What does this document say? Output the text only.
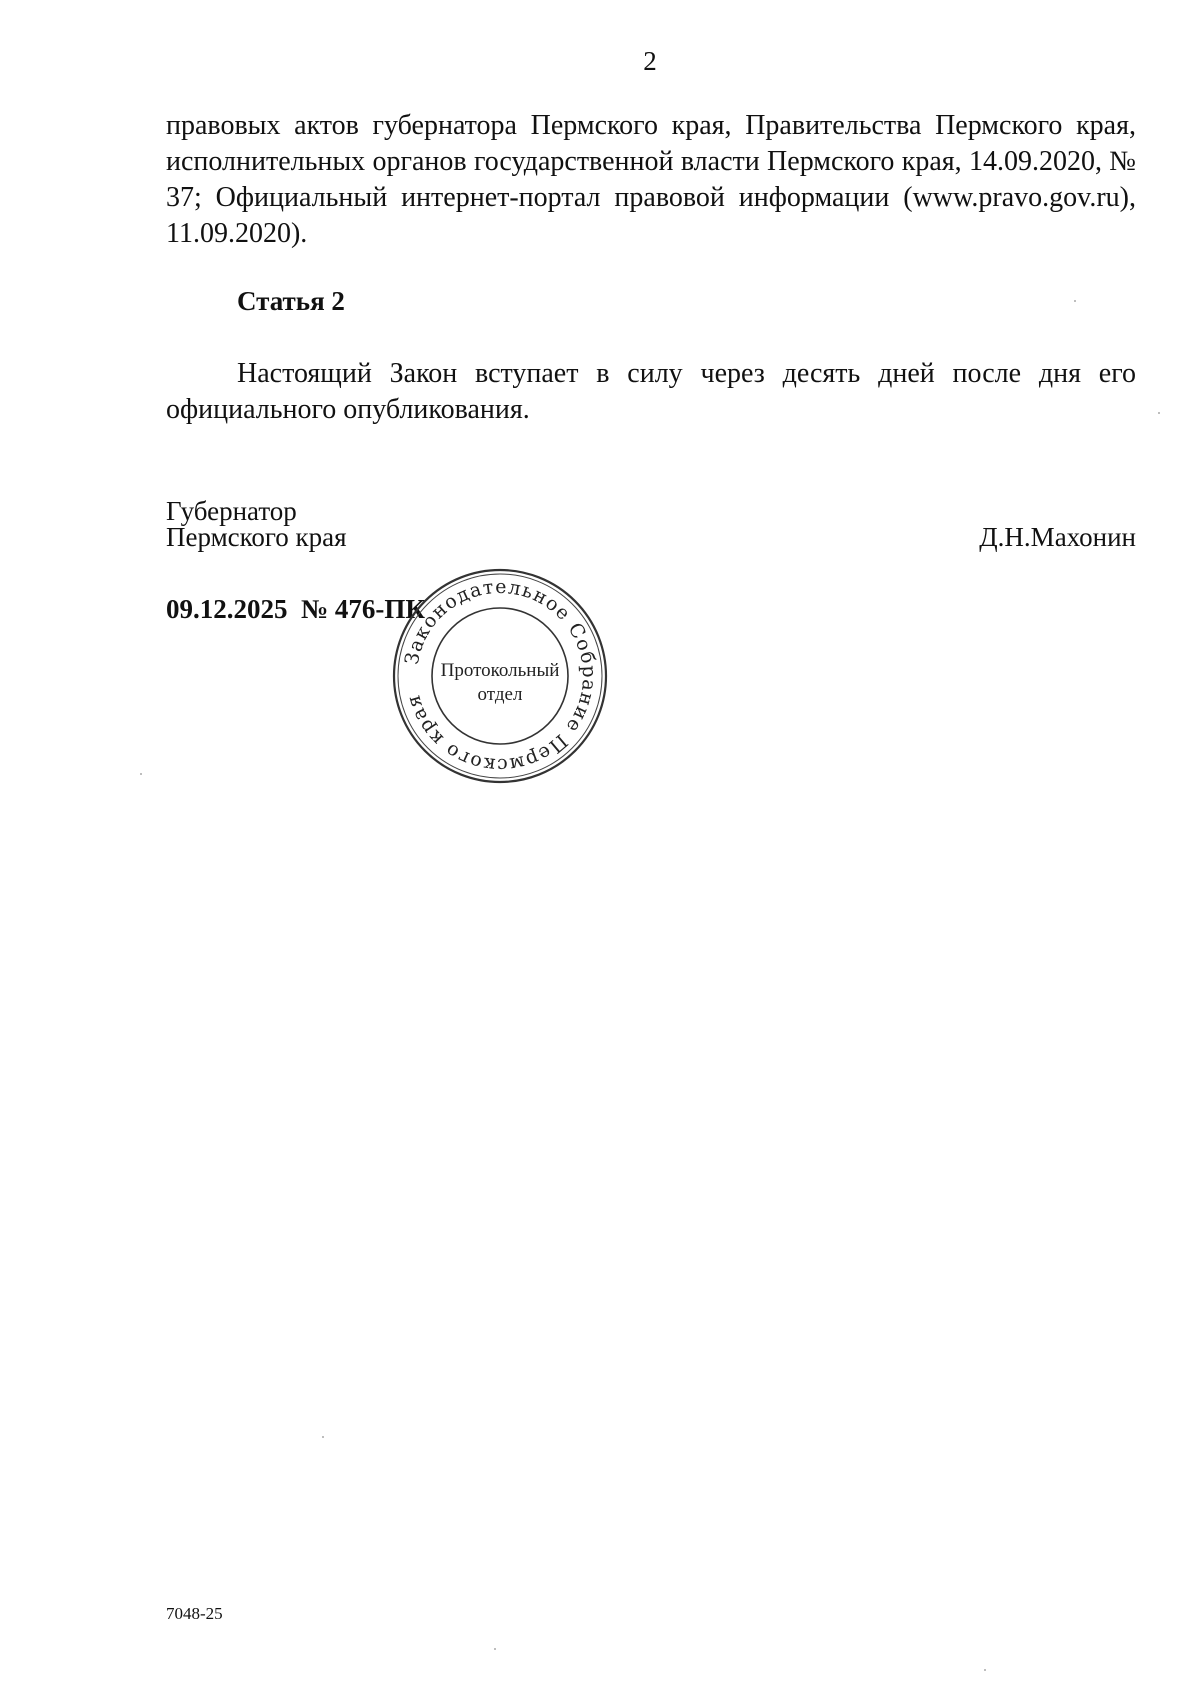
2
правовых актов губернатора Пермского края, Правительства Пермского края, исполнительных органов государственной власти Пермского края, 14.09.2020, № 37; Официальный интернет-портал правовой информации (www.pravo.gov.ru), 11.09.2020).
Статья 2
Настоящий Закон вступает в силу через десять дней после дня его официального опубликования.
Губернатор
Пермского края	Д.Н.Махонин
09.12.2025  № 476-ПК
Законодательное Собрание Пермского края
Протокольный
отдел
7048-25
